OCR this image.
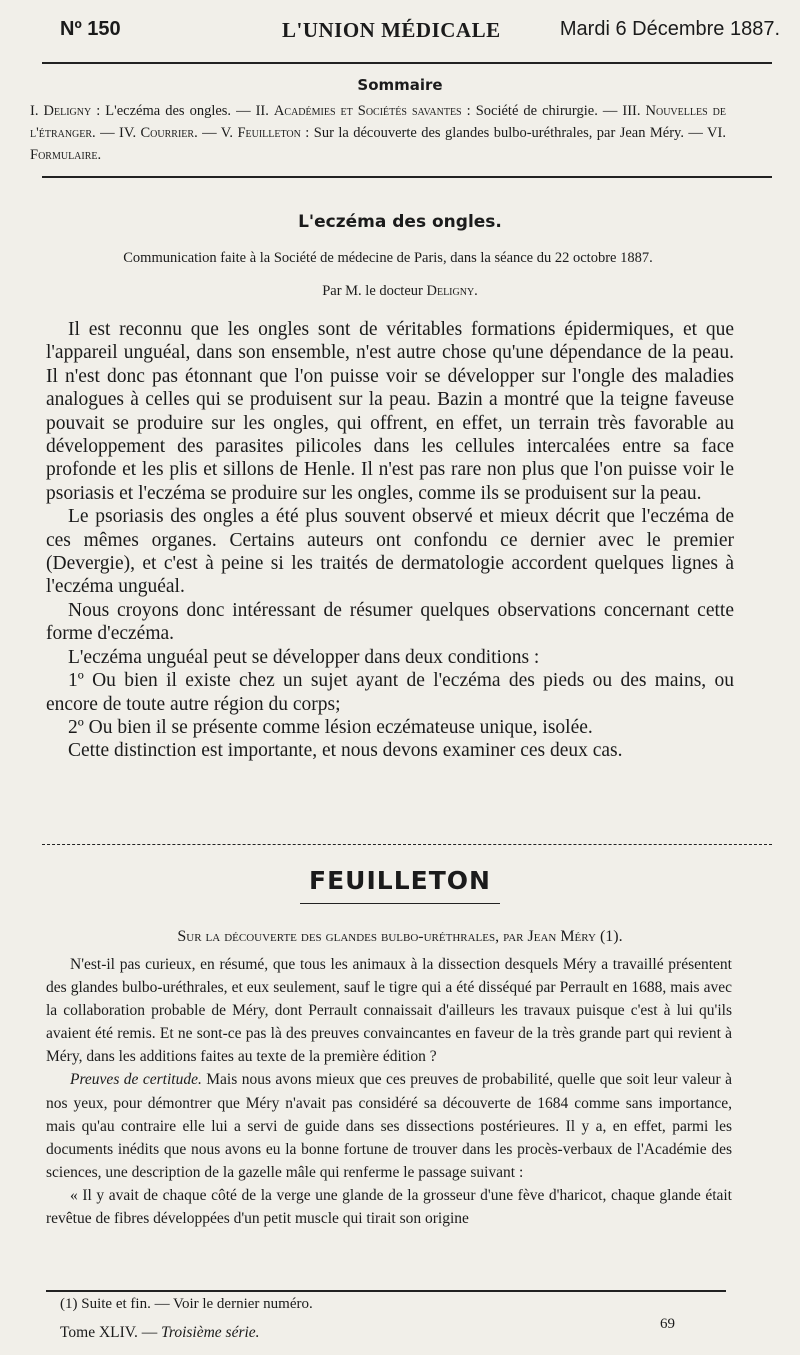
Nº 150	L'UNION MÉDICALE	Mardi 6 Décembre 1887.
Sommaire
I. Deligny : L'eczéma des ongles. — II. Académies et Sociétés savantes : Société de chirurgie. — III. Nouvelles de l'étranger. — IV. Courrier. — V. Feuilleton : Sur la découverte des glandes bulbo-uréthrales, par Jean Méry. — VI. Formulaire.
L'eczéma des ongles.
Communication faite à la Société de médecine de Paris, dans la séance du 22 octobre 1887.
Par M. le docteur Deligny.

Il est reconnu que les ongles sont de véritables formations épidermiques, et que l'appareil unguéal, dans son ensemble, n'est autre chose qu'une dépendance de la peau. Il n'est donc pas étonnant que l'on puisse voir se développer sur l'ongle des maladies analogues à celles qui se produisent sur la peau. Bazin a montré que la teigne faveuse pouvait se produire sur les ongles, qui offrent, en effet, un terrain très favorable au développement des parasites pilicoles dans les cellules intercalées entre sa face profonde et les plis et sillons de Henle. Il n'est pas rare non plus que l'on puisse voir le psoriasis et l'eczéma se produire sur les ongles, comme ils se produisent sur la peau.

Le psoriasis des ongles a été plus souvent observé et mieux décrit que l'eczéma de ces mêmes organes. Certains auteurs ont confondu ce dernier avec le premier (Devergie), et c'est à peine si les traités de dermatologie accordent quelques lignes à l'eczéma unguéal.

Nous croyons donc intéressant de résumer quelques observations concernant cette forme d'eczéma.

L'eczéma unguéal peut se développer dans deux conditions :

1º Ou bien il existe chez un sujet ayant de l'eczéma des pieds ou des mains, ou encore de toute autre région du corps;

2º Ou bien il se présente comme lésion eczémateuse unique, isolée.

Cette distinction est importante, et nous devons examiner ces deux cas.

FEUILLETON
Sur la découverte des glandes bulbo-uréthrales, par Jean Méry (1).

N'est-il pas curieux, en résumé, que tous les animaux à la dissection desquels Méry a travaillé présentent des glandes bulbo-uréthrales, et eux seulement, sauf le tigre qui a été disséqué par Perrault en 1688, mais avec la collaboration probable de Méry, dont Perrault connaissait d'ailleurs les travaux puisque c'est à lui qu'ils avaient été remis. Et ne sont-ce pas là des preuves convaincantes en faveur de la très grande part qui revient à Méry, dans les additions faites au texte de la première édition ?

Preuves de certitude. Mais nous avons mieux que ces preuves de probabilité, quelle que soit leur valeur à nos yeux, pour démontrer que Méry n'avait pas considéré sa découverte de 1684 comme sans importance, mais qu'au contraire elle lui a servi de guide dans ses dissections postérieures. Il y a, en effet, parmi les documents inédits que nous avons eu la bonne fortune de trouver dans les procès-verbaux de l'Académie des sciences, une description de la gazelle mâle qui renferme le passage suivant :

« Il y avait de chaque côté de la verge une glande de la grosseur d'une fève d'haricot, chaque glande était revêtue de fibres développées d'un petit muscle qui tirait son origine

(1) Suite et fin. — Voir le dernier numéro.
Tome XLIV. — Troisième série.	69
